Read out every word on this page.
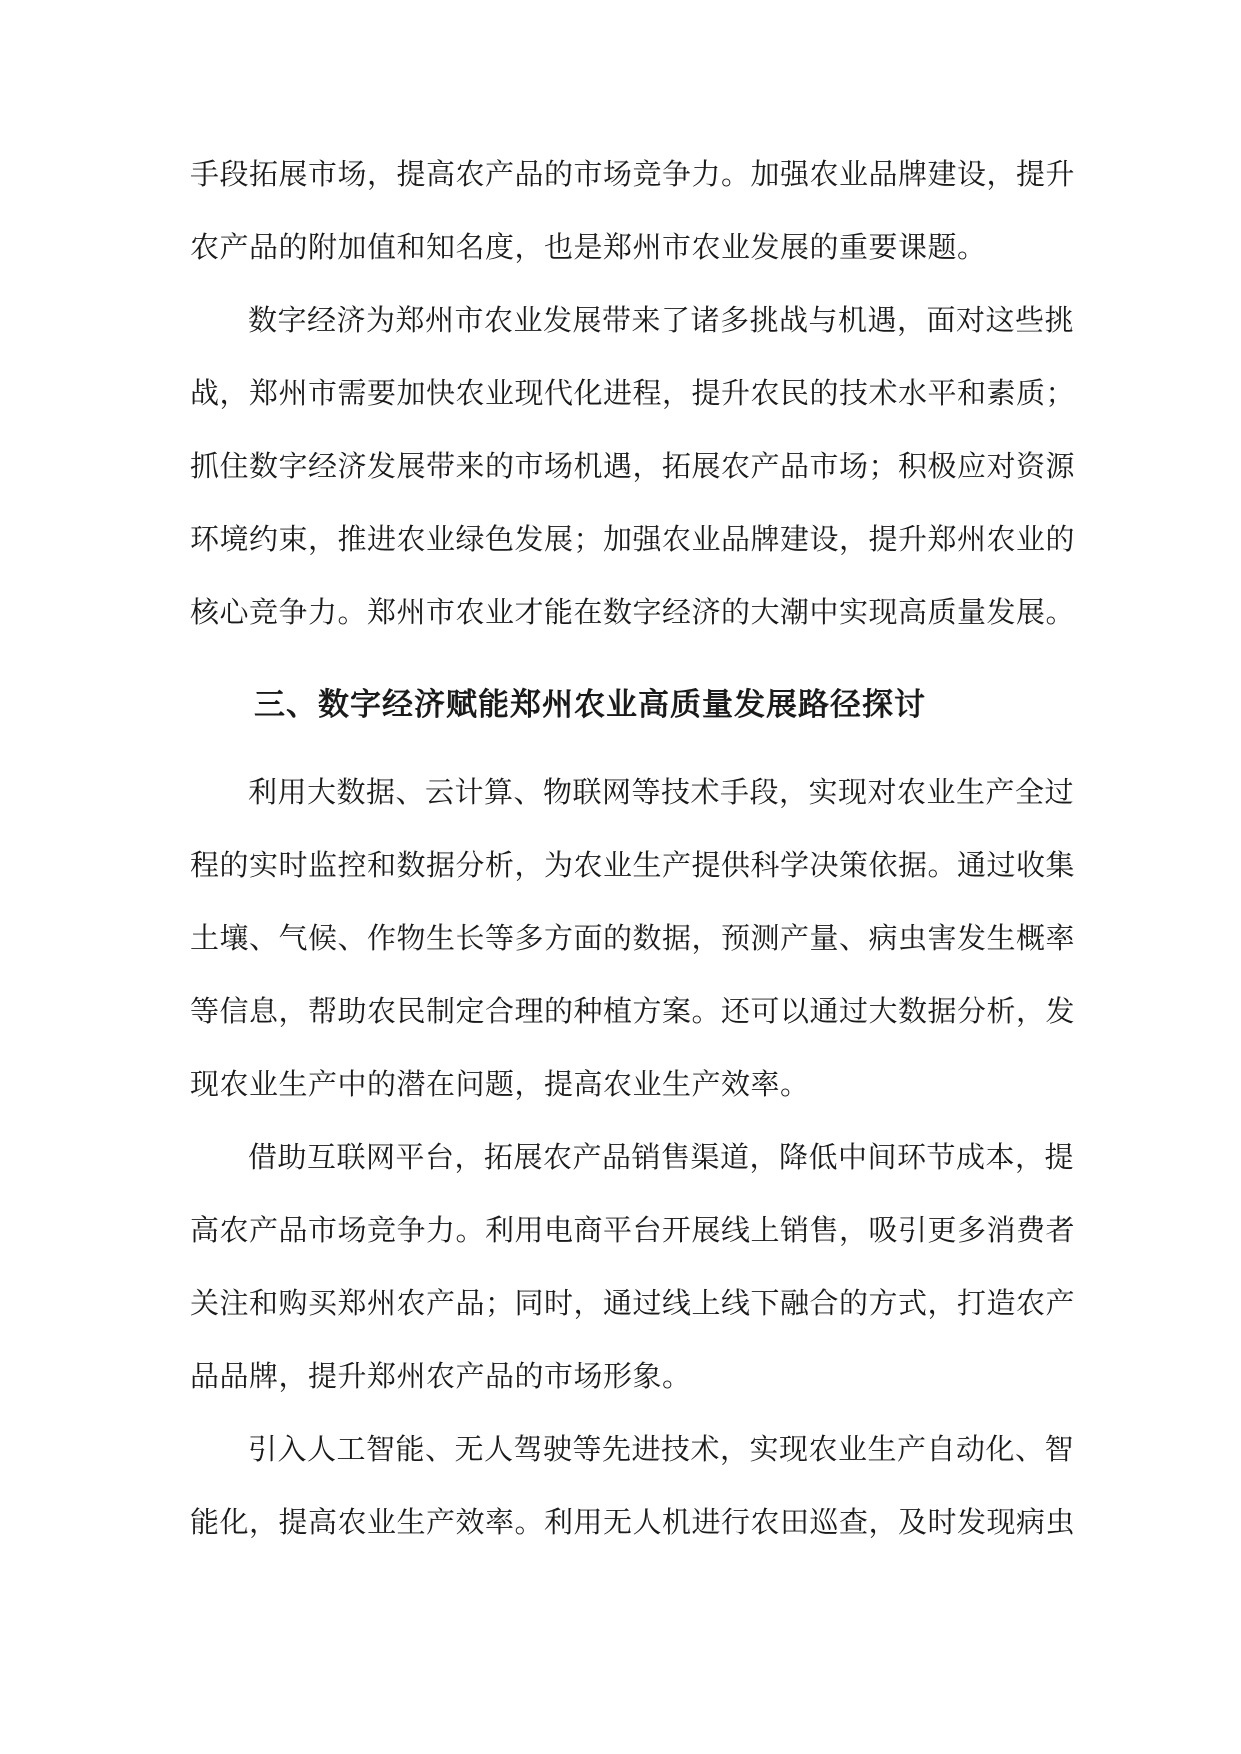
手段拓展市场，提高农产品的市场竞争力。加强农业品牌建设，提升
农产品的附加值和知名度，也是郑州市农业发展的重要课题。

数字经济为郑州市农业发展带来了诸多挑战与机遇，面对这些挑
战，郑州市需要加快农业现代化进程，提升农民的技术水平和素质；
抓住数字经济发展带来的市场机遇，拓展农产品市场；积极应对资源
环境约束，推进农业绿色发展；加强农业品牌建设，提升郑州农业的
核心竞争力。郑州市农业才能在数字经济的大潮中实现高质量发展。

三、数字经济赋能郑州农业高质量发展路径探讨

利用大数据、云计算、物联网等技术手段，实现对农业生产全过
程的实时监控和数据分析，为农业生产提供科学决策依据。通过收集
土壤、气候、作物生长等多方面的数据，预测产量、病虫害发生概率
等信息，帮助农民制定合理的种植方案。还可以通过大数据分析，发
现农业生产中的潜在问题，提高农业生产效率。

借助互联网平台，拓展农产品销售渠道，降低中间环节成本，提
高农产品市场竞争力。利用电商平台开展线上销售，吸引更多消费者
关注和购买郑州农产品；同时，通过线上线下融合的方式，打造农产
品品牌，提升郑州农产品的市场形象。

引入人工智能、无人驾驶等先进技术，实现农业生产自动化、智
能化，提高农业生产效率。利用无人机进行农田巡查，及时发现病虫
